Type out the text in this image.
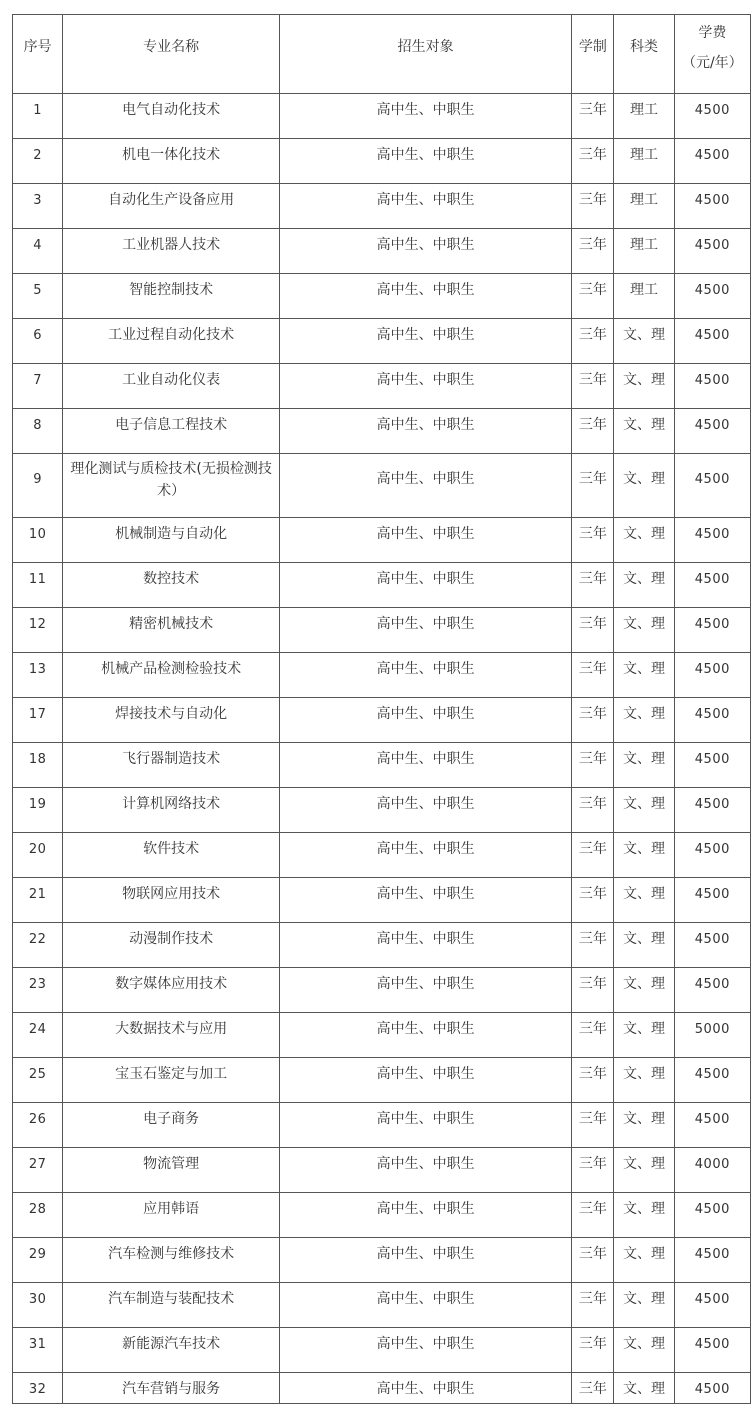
序号	专业名称	招生对象	学制	科类	学费
（元/年）

1	电气自动化技术	高中生、中职生	三年	理工	4500

2	机电一体化技术	高中生、中职生	三年	理工	4500

3	自动化生产设备应用	高中生、中职生	三年	理工	4500

4	工业机器人技术	高中生、中职生	三年	理工	4500

5	智能控制技术	高中生、中职生	三年	理工	4500

6	工业过程自动化技术	高中生、中职生	三年	文、理	4500

7	工业自动化仪表	高中生、中职生	三年	文、理	4500

8	电子信息工程技术	高中生、中职生	三年	文、理	4500

9	理化测试与质检技术(无损检测技术）	高中生、中职生	三年	文、理	4500

10	机械制造与自动化	高中生、中职生	三年	文、理	4500

11	数控技术	高中生、中职生	三年	文、理	4500

12	精密机械技术	高中生、中职生	三年	文、理	4500

13	机械产品检测检验技术	高中生、中职生	三年	文、理	4500

17	焊接技术与自动化	高中生、中职生	三年	文、理	4500

18	飞行器制造技术	高中生、中职生	三年	文、理	4500

19	计算机网络技术	高中生、中职生	三年	文、理	4500

20	软件技术	高中生、中职生	三年	文、理	4500

21	物联网应用技术	高中生、中职生	三年	文、理	4500

22	动漫制作技术	高中生、中职生	三年	文、理	4500

23	数字媒体应用技术	高中生、中职生	三年	文、理	4500

24	大数据技术与应用	高中生、中职生	三年	文、理	5000

25	宝玉石鉴定与加工	高中生、中职生	三年	文、理	4500

26	电子商务	高中生、中职生	三年	文、理	4500

27	物流管理	高中生、中职生	三年	文、理	4000

28	应用韩语	高中生、中职生	三年	文、理	4500

29	汽车检测与维修技术	高中生、中职生	三年	文、理	4500

30	汽车制造与装配技术	高中生、中职生	三年	文、理	4500

31	新能源汽车技术	高中生、中职生	三年	文、理	4500

32	汽车营销与服务	高中生、中职生	三年	文、理	4500
